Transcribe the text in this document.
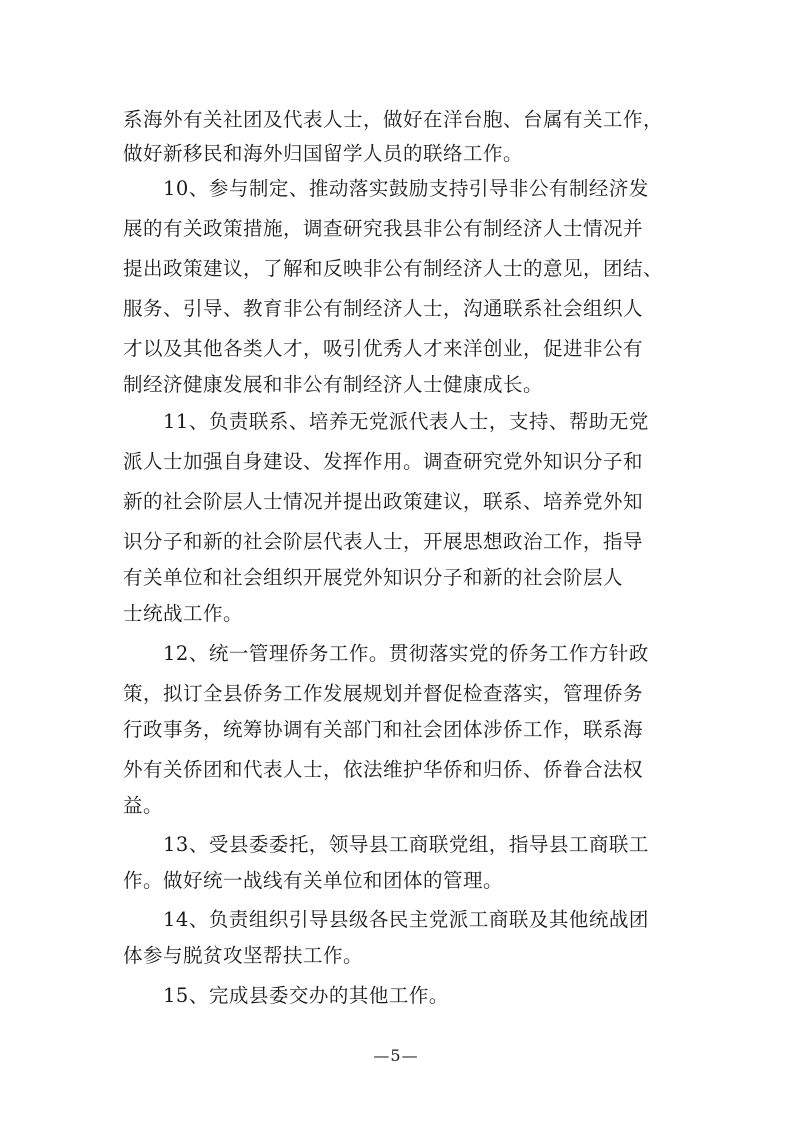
系海外有关社团及代表人士，做好在洋台胞、台属有关工作，
做好新移民和海外归国留学人员的联络工作。
10、参与制定、推动落实鼓励支持引导非公有制经济发
展的有关政策措施，调查研究我县非公有制经济人士情况并
提出政策建议，了解和反映非公有制经济人士的意见，团结、
服务、引导、教育非公有制经济人士，沟通联系社会组织人
才以及其他各类人才，吸引优秀人才来洋创业，促进非公有
制经济健康发展和非公有制经济人士健康成长。
11、负责联系、培养无党派代表人士，支持、帮助无党
派人士加强自身建设、发挥作用。调查研究党外知识分子和
新的社会阶层人士情况并提出政策建议，联系、培养党外知
识分子和新的社会阶层代表人士，开展思想政治工作，指导
有关单位和社会组织开展党外知识分子和新的社会阶层人
士统战工作。
12、统一管理侨务工作。贯彻落实党的侨务工作方针政
策，拟订全县侨务工作发展规划并督促检查落实，管理侨务
行政事务，统筹协调有关部门和社会团体涉侨工作，联系海
外有关侨团和代表人士，依法维护华侨和归侨、侨眷合法权
益。
13、受县委委托，领导县工商联党组，指导县工商联工
作。做好统一战线有关单位和团体的管理。
14、负责组织引导县级各民主党派工商联及其他统战团
体参与脱贫攻坚帮扶工作。
15、完成县委交办的其他工作。
—5—
